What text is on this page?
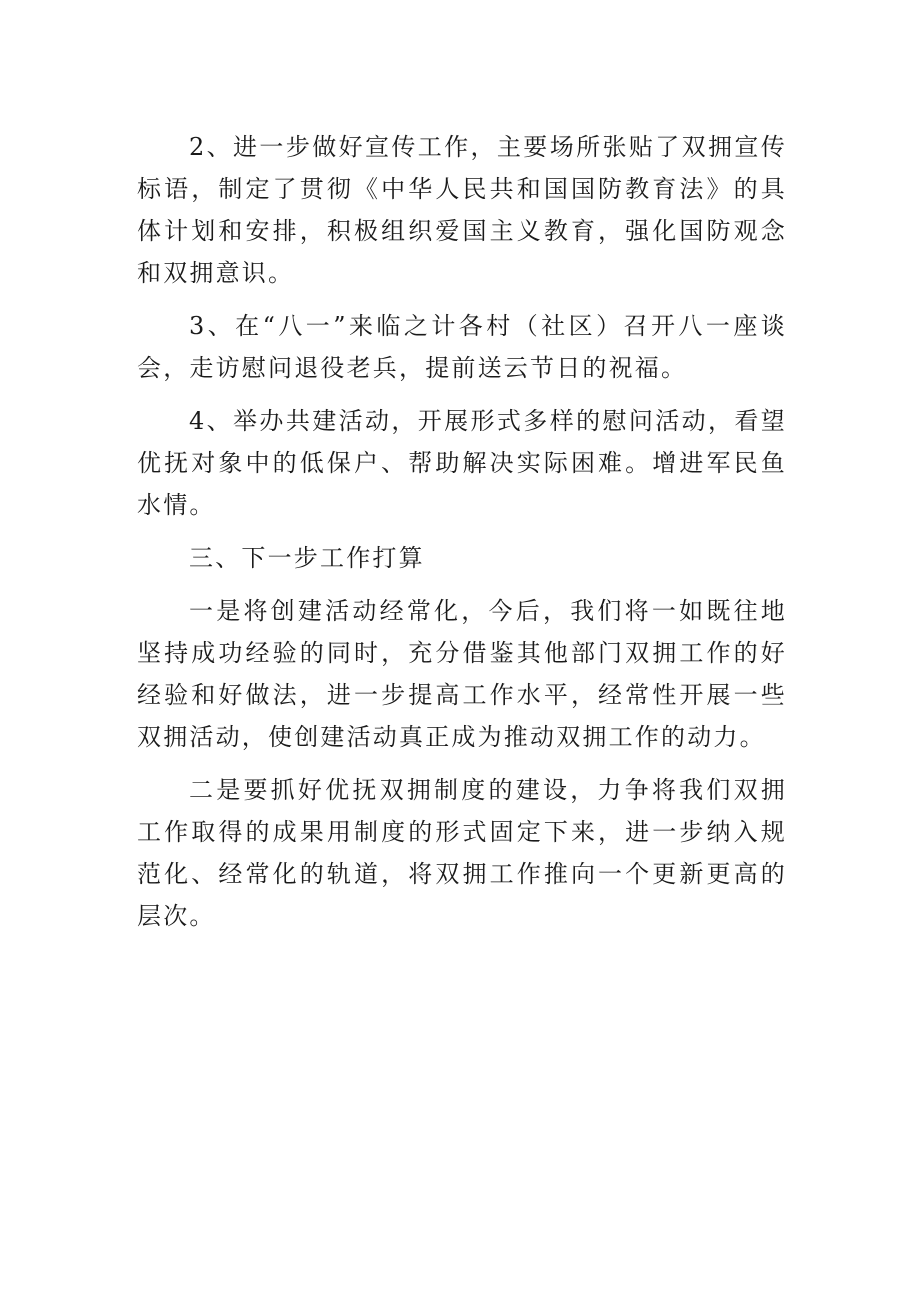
2、进一步做好宣传工作，主要场所张贴了双拥宣传标语，制定了贯彻《中华人民共和国国防教育法》的具体计划和安排，积极组织爱国主义教育，强化国防观念和双拥意识。

3、在“八一”来临之计各村（社区）召开八一座谈会，走访慰问退役老兵，提前送云节日的祝福。

4、举办共建活动，开展形式多样的慰问活动，看望优抚对象中的低保户、帮助解决实际困难。增进军民鱼水情。

三、下一步工作打算

一是将创建活动经常化，今后，我们将一如既往地坚持成功经验的同时，充分借鉴其他部门双拥工作的好经验和好做法，进一步提高工作水平，经常性开展一些双拥活动，使创建活动真正成为推动双拥工作的动力。

二是要抓好优抚双拥制度的建设，力争将我们双拥工作取得的成果用制度的形式固定下来，进一步纳入规范化、经常化的轨道，将双拥工作推向一个更新更高的层次。
